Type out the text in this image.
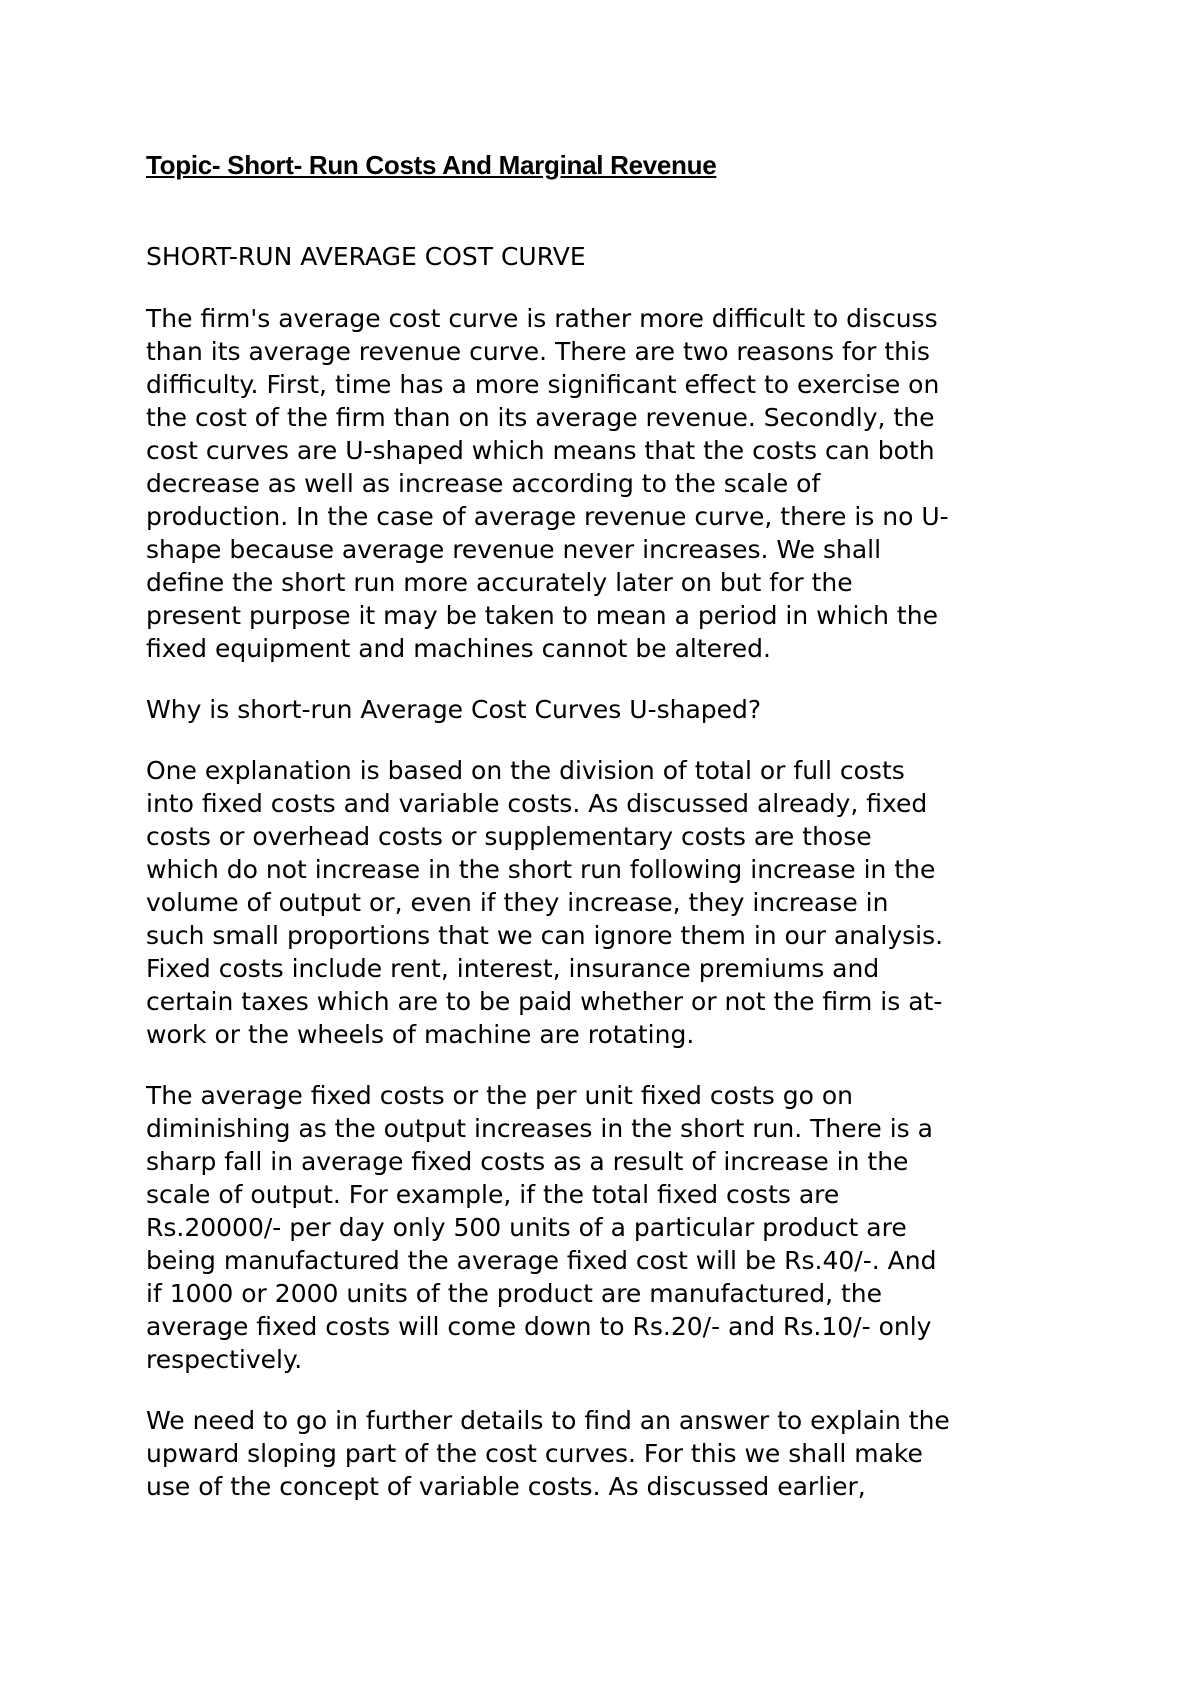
Topic- Short- Run Costs And Marginal Revenue
SHORT-RUN AVERAGE COST CURVE
The firm's average cost curve is rather more difficult to discuss
than its average revenue curve. There are two reasons for this
difficulty. First, time has a more significant effect to exercise on
the cost of the firm than on its average revenue. Secondly, the
cost curves are U-shaped which means that the costs can both
decrease as well as increase according to the scale of
production. In the case of average revenue curve, there is no U-
shape because average revenue never increases. We shall
define the short run more accurately later on but for the
present purpose it may be taken to mean a period in which the
fixed equipment and machines cannot be altered.
Why is short-run Average Cost Curves U-shaped?
One explanation is based on the division of total or full costs
into fixed costs and variable costs. As discussed already, fixed
costs or overhead costs or supplementary costs are those
which do not increase in the short run following increase in the
volume of output or, even if they increase, they increase in
such small proportions that we can ignore them in our analysis.
Fixed costs include rent, interest, insurance premiums and
certain taxes which are to be paid whether or not the firm is at-
work or the wheels of machine are rotating.
The average fixed costs or the per unit fixed costs go on
diminishing as the output increases in the short run. There is a
sharp fall in average fixed costs as a result of increase in the
scale of output. For example, if the total fixed costs are
Rs.20000/- per day only 500 units of a particular product are
being manufactured the average fixed cost will be Rs.40/-. And
if 1000 or 2000 units of the product are manufactured, the
average fixed costs will come down to Rs.20/- and Rs.10/- only
respectively.
We need to go in further details to find an answer to explain the
upward sloping part of the cost curves. For this we shall make
use of the concept of variable costs. As discussed earlier,
